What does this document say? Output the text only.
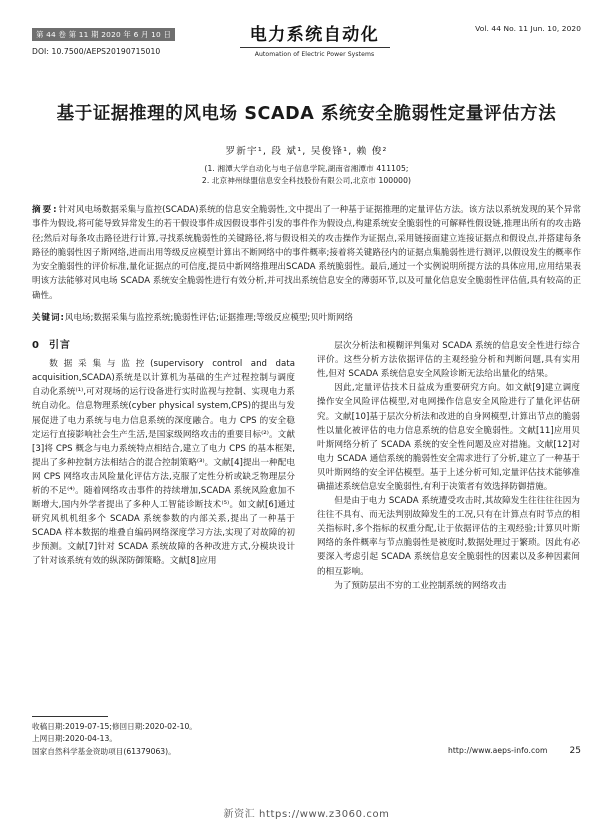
第 44 卷 第 11 期 2020 年 6 月 10 日
DOI: 10.7500/AEPS20190715010
电力系统自动化
Automation of Electric Power Systems
Vol. 44 No. 11 Jun. 10, 2020
基于证据推理的风电场 SCADA 系统安全脆弱性定量评估方法
罗新宇¹, 段 斌¹, 吴俊锋¹, 赖 俊²
(1. 湘潭大学自动化与电子信息学院,湖南省湘潭市 411105;
2. 北京神州绿盟信息安全科技股份有限公司,北京市 100000)
摘要:针对风电场数据采集与监控(SCADA)系统的信息安全脆弱性,文中提出了一种基于证据推理的定量评估方法。该方法以系统发现的某个异常事件为假设,将可能导致异常发生的若干假设事件成因假设事件引发的事件作为假设点,构建系统安全脆弱性的可解释性假设链,推理出所有的攻击路径;然后对每条攻击路径进行计算,寻找系统脆弱性的关键路径,将与假设相关的攻击操作为证据点,采用链接面建立连接证据点和假设点,并搭建每条路径的脆弱性因子斯网络,进而出用等级反应模型计算出不断网络中的事件概率;接着将关键路径内的证据点集脆弱性进行测评,以假设发生的概率作为安全脆弱性的评价标准,量化证据点的可信度,提员中新网络推理出SCADA 系统脆弱性。最后,通过一个实例说明所提方法的具体应用,应用结果表明该方法能够对风电场 SCADA 系统安全脆弱性进行有效分析,并可找出系统信息安全的薄弱环节,以及可量化信息安全脆弱性评估值,具有较高的正确性。
关键词:风电场;数据采集与监控系统;脆弱性评估;证据推理;等级反应模型;贝叶斯网络
0 引言

数据采集与监控(supervisory control and data acquisition,SCADA)系统是以计算机为基础的生产过程控制与调度自动化系统⁽¹⁾,可对现场的运行设备进行实时监视与控制、实现电力系统自动化。信息物理系统(cyber physical system,CPS)的提出与发展促进了电力系统与电力信息系统的深度融合。电力 CPS 的安全稳定运行直接影响社会生产生活,是国家级网络攻击的重要目标⁽²⁾。文献[3]将 CPS 概念与电力系统特点相结合,建立了电力 CPS 的基本框架,提出了多种控制方法相结合的混合控制策略⁽³⁾。文献[4]提出一种配电网 CPS 网络攻击风险量化评估方法,克服了定性分析或缺乏物理层分析的不足⁽⁴⁾。随着网络攻击事件的持续增加,SCADA 系统风险愈加不断增大,国内外学者提出了多种人工智能诊断技术⁽⁵⁾。如文献[6]通过研究风机机组多个 SCADA 系统参数的内部关系,提出了一种基于 SCADA 样本数据的堆叠自编码网络深度学习方法,实现了对故障的初步预测。文献[7]针对 SCADA 系统故障的各种改进方式,分模块设计了针对该系统有效的纵深防御策略。文献[8]应用

层次分析法和模糊评判集对 SCADA 系统的信息安全性进行综合评价。这些分析方法依据评估的主观经验分析和判断问题,具有实用性,但对 SCADA 系统信息安全风险诊断无法给出量化的结果。

因此,定量评估技术日益成为重要研究方向。如文献[9]建立调度操作安全风险评估模型,对电网操作信息安全风险进行了量化评估研究。文献[10]基于层次分析法和改进的自身网模型,计算出节点的脆弱性以量化被评估的电力信息系统的信息安全脆弱性。文献[11]应用贝叶斯网络分析了 SCADA 系统的安全性问题及应对措施。文献[12]对电力 SCADA 通信系统的脆弱性安全需求进行了分析,建立了一种基于贝叶斯网络的安全评估模型。基于上述分析可知,定量评估技术能够准确描述系统信息安全脆弱性,有利于决策者有效选择防御措施。

但是由于电力 SCADA 系统遭受攻击时,其故障发生往往往往因为往往不具有、而无法判别故障发生的工况,只有在计算点有时节点的相关指标时,多个指标的权重分配,让于依据评估的主观经验;计算贝叶斯网络的条件概率与节点脆弱性是被度时,数据处理过于繁琐。因此有必要深入考虑引起 SCADA 系统信息安全脆弱性的因素以及多种因素间的相互影响。

为了预防层出不穷的工业控制系统的网络攻击

收稿日期:2019-07-15;修回日期:2020-02-10。
上网日期:2020-04-13。
国家自然科学基金资助项目(61379063)。	http://www.aeps-info.com 25
新资汇 https://www.z3060.com
